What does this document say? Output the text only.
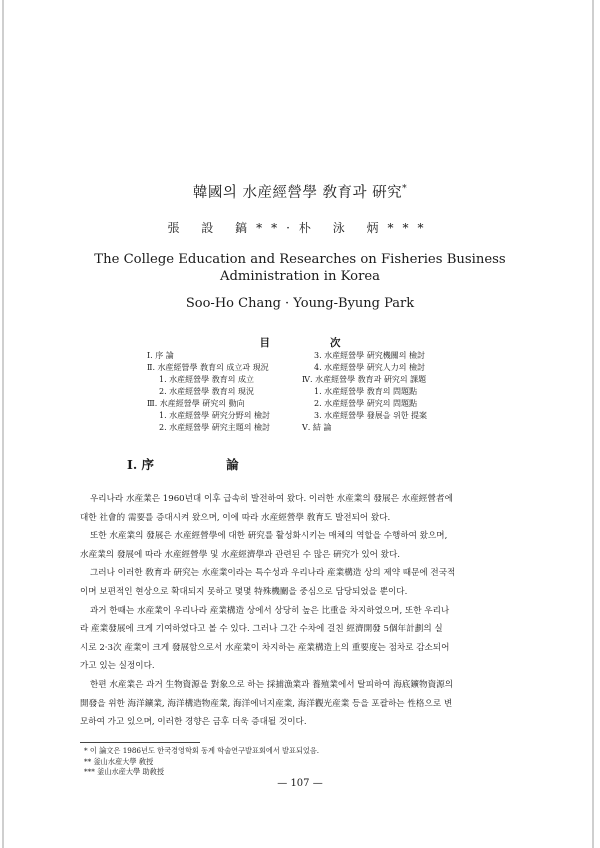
韓國의 水産經營學 敎育과 硏究*
張 設 鎬**·朴 泳 炳***
The College Education and Researches on Fisheries Business
Administration in Korea
Soo-Ho Chang · Young-Byung Park
目	次
Ⅰ. 序 論
Ⅱ. 水産經營學 敎育의 成立과 現況
1. 水産經營學 敎育의 成立
2. 水産經營學 敎育의 現況
Ⅲ. 水産經營學 硏究의 動向
1. 水産經營學 硏究分野의 檢討
2. 水産經營學 硏究主題의 檢討
3. 水産經營學 硏究機關의 檢討
4. 水産經營學 硏究人力의 檢討
Ⅳ. 水産經營學 敎育과 硏究의 課題
1. 水産經營學 敎育의 問題點
2. 水産經營學 硏究의 問題點
3. 水産經營學 發展을 위한 提案
Ⅴ. 結 論
Ⅰ. 序	論

우리나라 水産業은 1960년대 이후 급속히 발전하여 왔다. 이러한 水産業의 發展은 水産經營者에

대한 社會的 需要를 증대시켜 왔으며, 이에 따라 水産經營學 敎育도 발전되어 왔다.

또한 水産業의 發展은 水産經營學에 대한 硏究를 활성화시키는 매체의 역할을 수행하여 왔으며,

水産業의 發展에 따라 水産經營學 및 水産經濟學과 관련된 수 많은 硏究가 있어 왔다.

그러나 이러한 敎育과 硏究는 水産業이라는 특수성과 우리나라 産業構造 상의 제약 때문에 전국적

이며 보편적인 현상으로 확대되지 못하고 몇몇 特殊機關을 중심으로 담당되었을 뿐이다.

과거 한때는 水産業이 우리나라 産業構造 상에서 상당히 높은 比重을 차지하였으며, 또한 우리나

라 産業發展에 크게 기여하였다고 볼 수 있다. 그러나 그간 수차에 걸친 經濟開發 5個年計劃의 실

시로 2·3次 産業이 크게 發展함으로서 水産業이 차지하는 産業構造上의 重要度는 점차로 감소되어

가고 있는 실정이다.

한편 水産業은 과거 生物資源을 對象으로 하는 採捕漁業과 養殖業에서 탈피하여 海底鑛物資源의

開發을 위한 海洋鑛業, 海洋構造物産業, 海洋에너지産業, 海洋觀光産業 등을 포괄하는 性格으로 변

모하여 가고 있으며, 이러한 경향은 금후 더욱 증대될 것이다.

* 이 論文은 1986년도 한국경영학회 동계 학술연구발표회에서 발표되었음.
** 釜山水産大學 敎授
*** 釜山水産大學 助敎授
— 107 —
